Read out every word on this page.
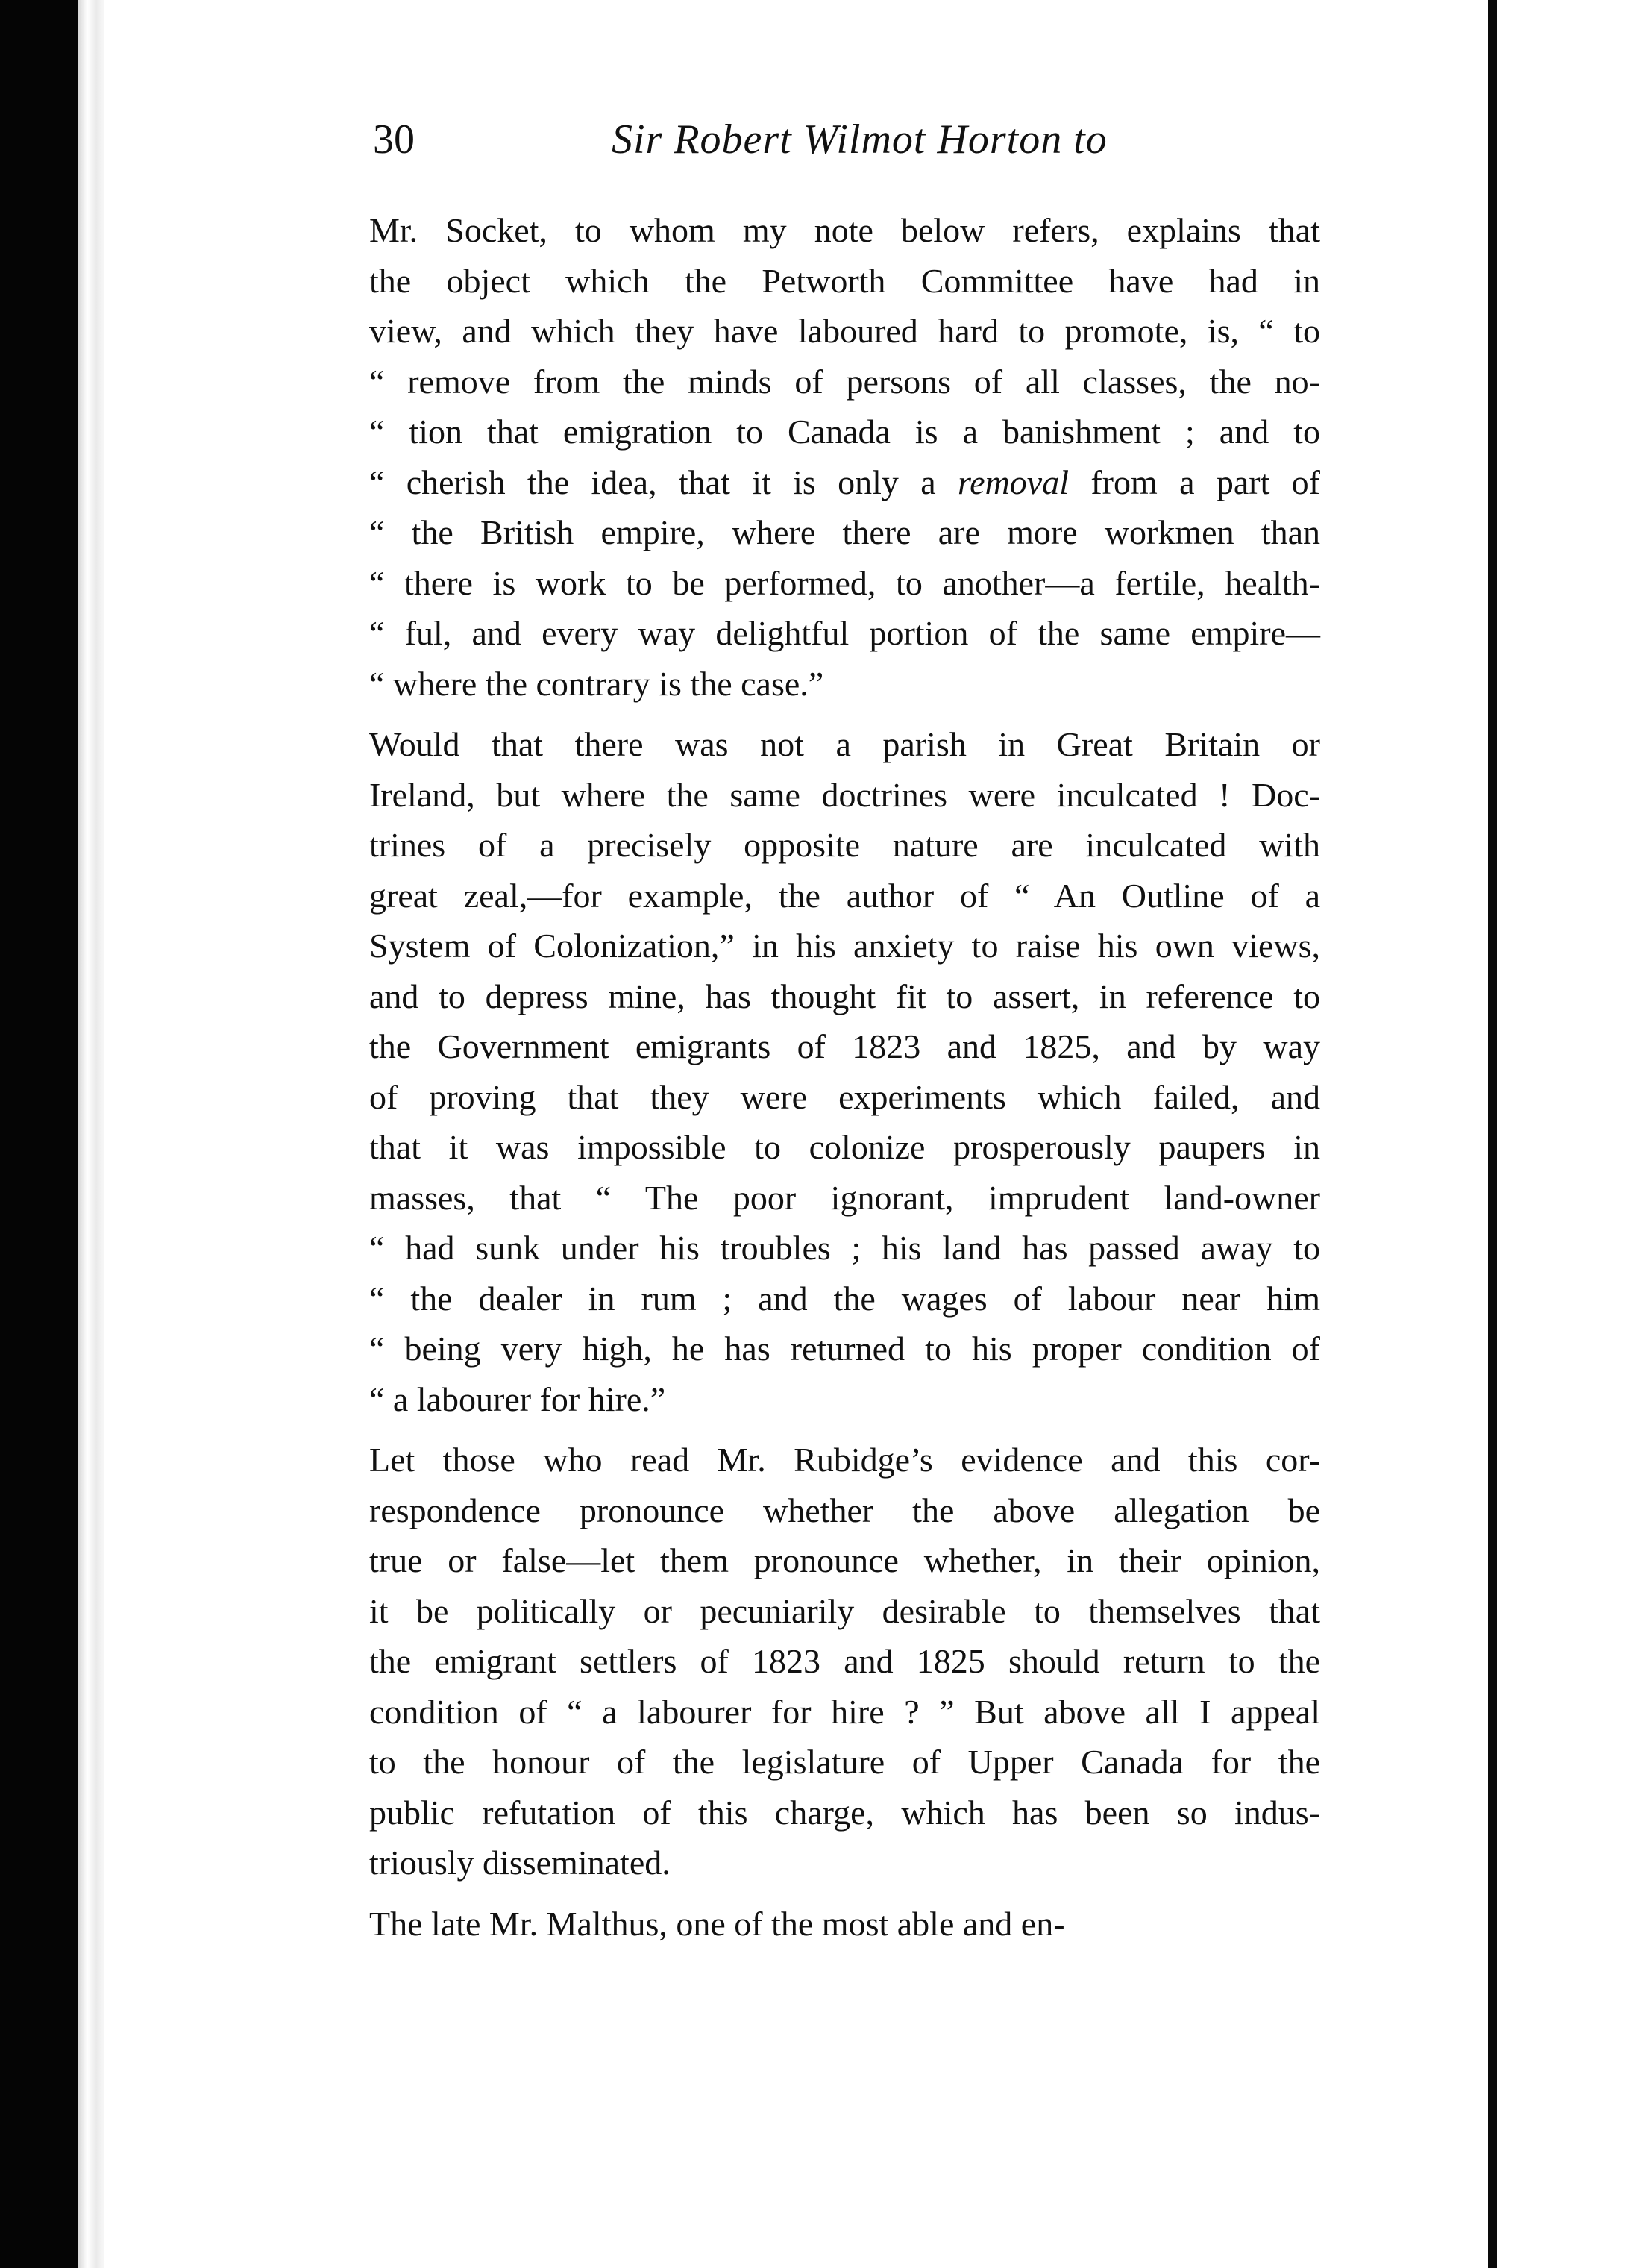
30	Sir Robert Wilmot Horton to
Mr. Socket, to whom my note below refers, explains that
the object which the Petworth Committee have had in
view, and which they have laboured hard to promote, is, “ to
“ remove from the minds of persons of all classes, the no-
“ tion that emigration to Canada is a banishment ; and to
“ cherish the idea, that it is only a removal from a part of
“ the British empire, where there are more workmen than
“ there is work to be performed, to another—a fertile, health-
“ ful, and every way delightful portion of the same empire—
“ where the contrary is the case.”
Would that there was not a parish in Great Britain or
Ireland, but where the same doctrines were inculcated ! Doc-
trines of a precisely opposite nature are inculcated with
great zeal,—for example, the author of “ An Outline of a
System of Colonization,” in his anxiety to raise his own views,
and to depress mine, has thought fit to assert, in reference to
the Government emigrants of 1823 and 1825, and by way
of proving that they were experiments which failed, and
that it was impossible to colonize prosperously paupers in
masses, that “ The poor ignorant, imprudent land-owner
“ had sunk under his troubles ; his land has passed away to
“ the dealer in rum ; and the wages of labour near him
“ being very high, he has returned to his proper condition of
“ a labourer for hire.”
Let those who read Mr. Rubidge’s evidence and this cor-
respondence pronounce whether the above allegation be
true or false—let them pronounce whether, in their opinion,
it be politically or pecuniarily desirable to themselves that
the emigrant settlers of 1823 and 1825 should return to the
condition of “ a labourer for hire ? ” But above all I appeal
to the honour of the legislature of Upper Canada for the
public refutation of this charge, which has been so indus-
triously disseminated.
The late Mr. Malthus, one of the most able and en-
